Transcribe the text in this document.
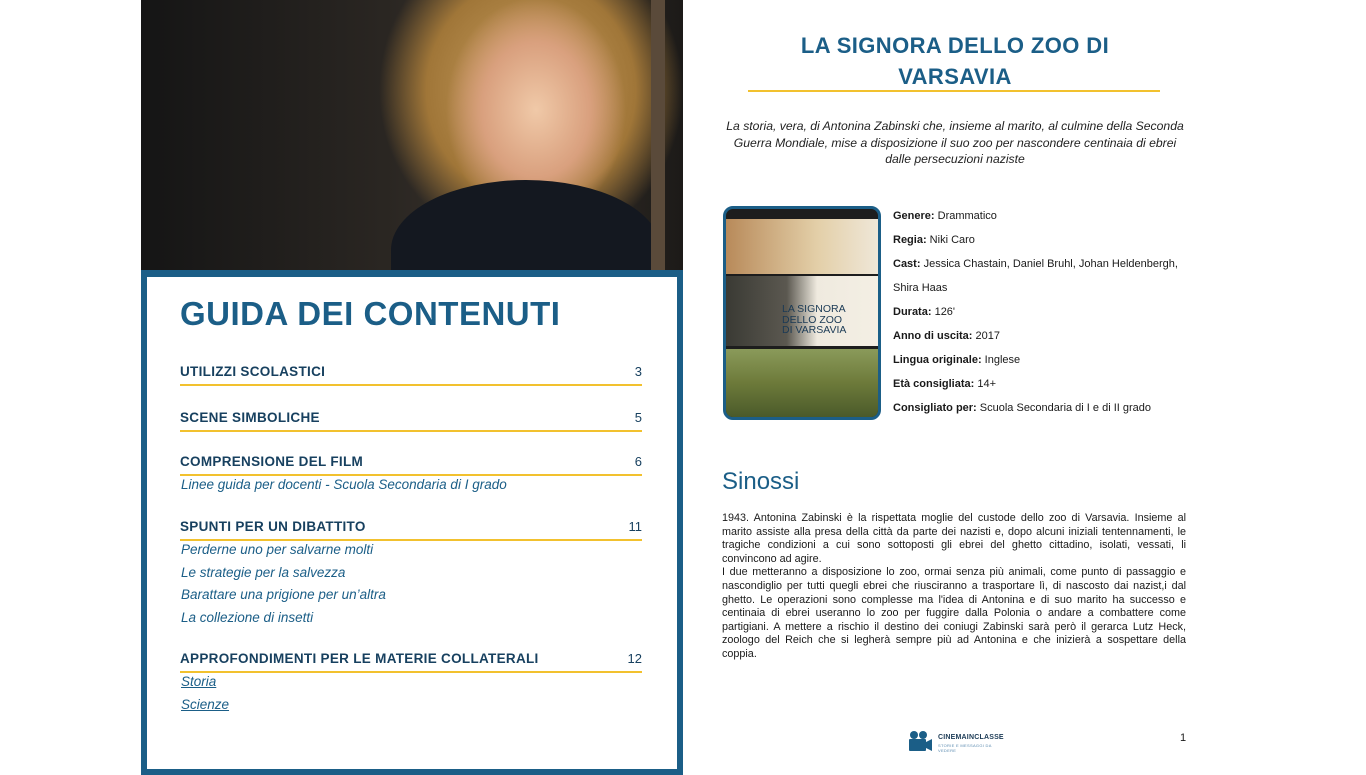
GUIDA DEI CONTENUTI
UTILIZZI SCOLASTICI	3
SCENE SIMBOLICHE	5
COMPRENSIONE DEL FILM	6
Linee guida per docenti - Scuola Secondaria di I grado
SPUNTI PER UN DIBATTITO	11
Perderne uno per salvarne molti
Le strategie per la salvezza
Barattare una prigione per un’altra
La collezione di insetti
APPROFONDIMENTI PER LE MATERIE COLLATERALI	12
Storia
Scienze
LA SIGNORA DELLO ZOO DI
VARSAVIA
La storia, vera, di Antonina Zabinski che, insieme al marito, al culmine della Seconda Guerra Mondiale, mise a disposizione il suo zoo per nascondere centinaia di ebrei dalle persecuzioni naziste
LA SIGNORA
DELLO ZOO
DI VARSAVIA
Genere: Drammatico
Regia: Niki Caro
Cast: Jessica Chastain, Daniel Bruhl, Johan Heldenbergh,
Shira Haas
Durata: 126'
Anno di uscita: 2017
Lingua originale: Inglese
Età consigliata: 14+
Consigliato per: Scuola Secondaria di I e di II grado
Sinossi

1943. Antonina Zabinski è la rispettata moglie del custode dello zoo di Varsavia. Insieme al marito assiste alla presa della città da parte dei nazisti e, dopo alcuni iniziali tentennamenti, le tragiche condizioni a cui sono sottoposti gli ebrei del ghetto cittadino, isolati, vessati, li convincono ad agire.

I due metteranno a disposizione lo zoo, ormai senza più animali, come punto di passaggio e nascondiglio per tutti quegli ebrei che riusciranno a trasportare lì, di nascosto dai nazist,i dal ghetto. Le operazioni sono complesse ma l'idea di Antonina e di suo marito ha successo e centinaia di ebrei useranno lo zoo per fuggire dalla Polonia o andare a combattere come partigiani. A mettere a rischio il destino dei coniugi Zabinski sarà però il gerarca Lutz Heck, zoologo del Reich che si legherà sempre più ad Antonina e che inizierà a sospettare della coppia.

CINEMAINCLASSE
STORIE E MESSAGGI DA VEDERE
1
